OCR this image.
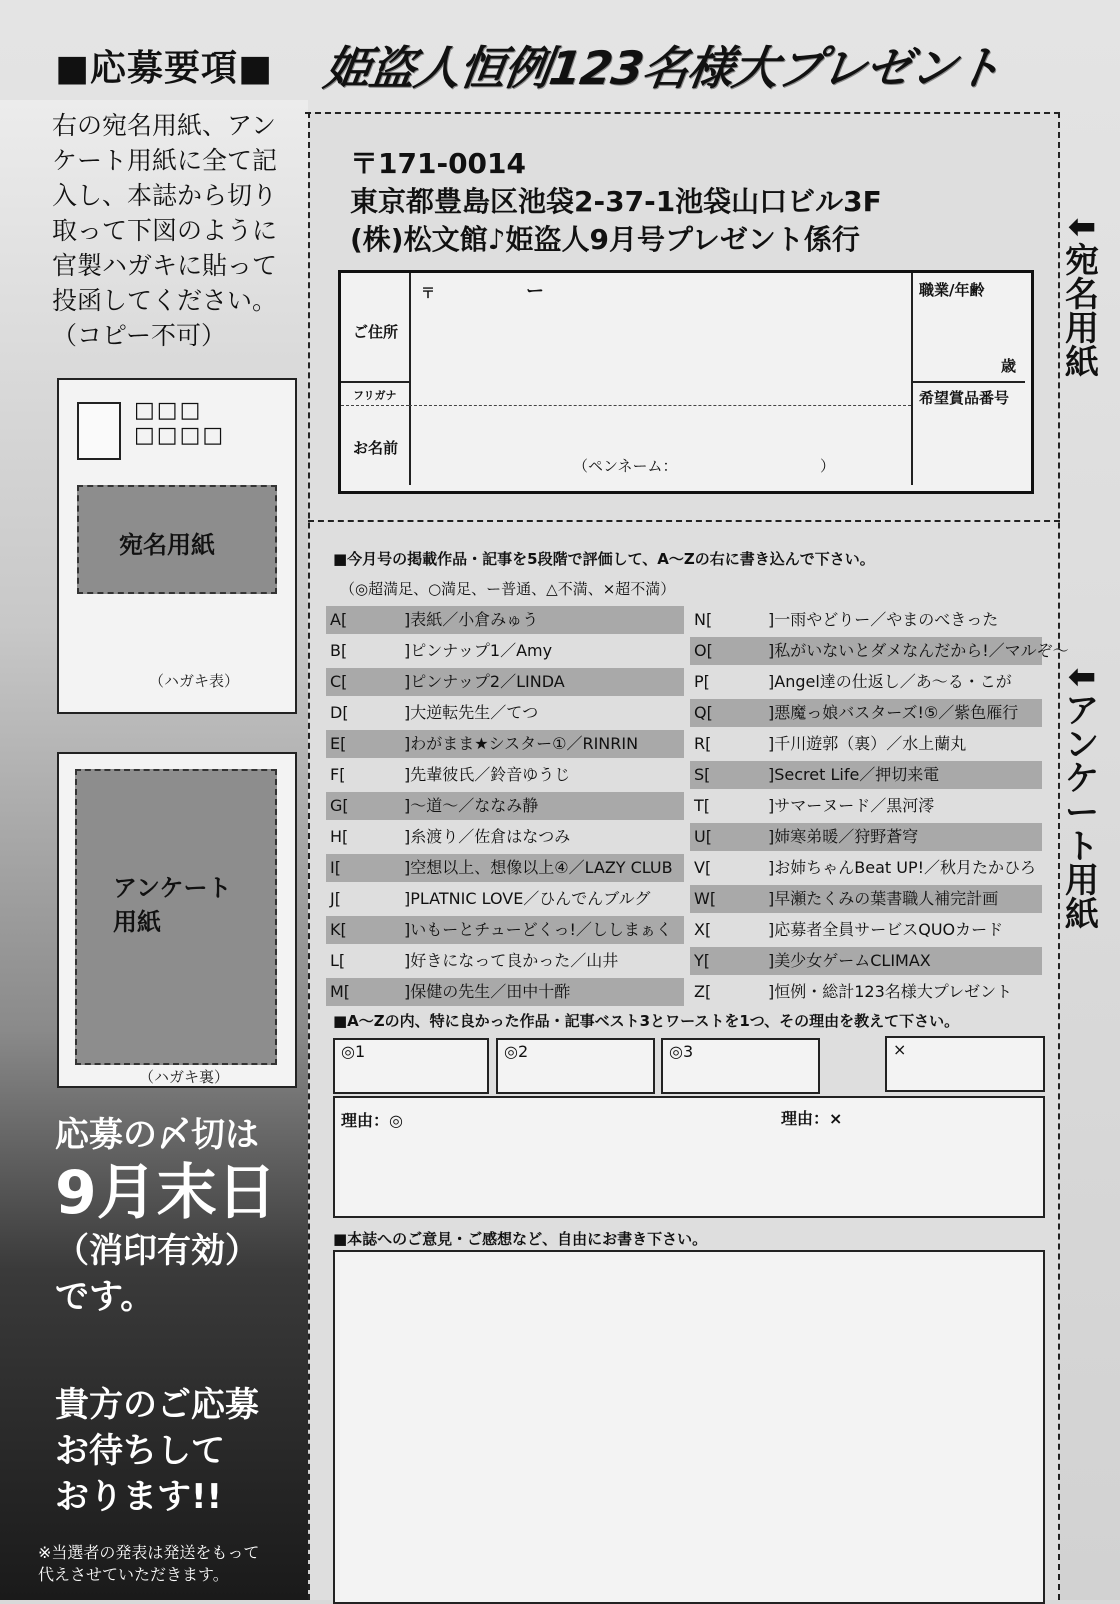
■応募要項■ 姫盗人恒例123名様大プレゼント
右の宛名用紙、アンケート用紙に全て記入し、本誌から切り取って下図のように官製ハガキに貼って投函してください。（コピー不可）
□□□ □□□□
宛名用紙
（ハガキ表）
アンケート用紙
（ハガキ裏）
応募の〆切は
9月末日
（消印有効）
です。
貴方のご応募
お待ちして
おります!!
※当選者の発表は発送をもって
代えさせていただきます。
〒171-0014
東京都豊島区池袋2-37-1池袋山口ビル3F
(株)松文館♪姫盗人9月号プレゼント係行
〒	ー
ご住所
職業/年齢
歳
フリガナ
お名前
（ペンネーム：　　　　　　　　　　）
希望賞品番号
⬅宛名用紙
⬅アンケート用紙
■今月号の掲載作品・記事を5段階で評価して、A〜Zの右に書き込んで下さい。
（◎超満足、○満足、ー普通、△不満、×超不満）
A[	]表紙／小倉みゅう
B[	]ピンナップ1／Amy
C[	]ピンナップ2／LINDA
D[	]大逆転先生／てつ
E[	]わがまま★シスター①／RINRIN
F[	]先輩彼氏／鈴音ゆうじ
G[	]〜道〜／ななみ静
H[	]糸渡り／佐倉はなつみ
I[	]空想以上、想像以上④／LAZY CLUB
J[	]PLATNIC LOVE／ひんでんブルグ
K[	]いもーとチューどくっ!／ししまぁく
L[	]好きになって良かった／山井
M[	]保健の先生／田中十酢
N[	]一雨やどりー／やまのべきった
O[	]私がいないとダメなんだから!／マルぞ〜
P[	]Angel達の仕返し／あ〜る・こが
Q[	]悪魔っ娘バスターズ!⑤／紫色雁行
R[	]千川遊郭（裏）／水上蘭丸
S[	]Secret Life／押切来電
T[	]サマーヌード／黒河澪
U[	]姉寒弟暖／狩野蒼穹
V[	]お姉ちゃんBeat UP!／秋月たかひろ
W[	]早瀬たくみの葉書職人補完計画
X[	]応募者全員サービスQUOカード
Y[	]美少女ゲームCLIMAX
Z[	]恒例・総計123名様大プレゼント
■A〜Zの内、特に良かった作品・記事ベスト3とワーストを1つ、その理由を教えて下さい。
◎1	◎2	◎3	×
理由：◎	理由：×
■本誌へのご意見・ご感想など、自由にお書き下さい。
